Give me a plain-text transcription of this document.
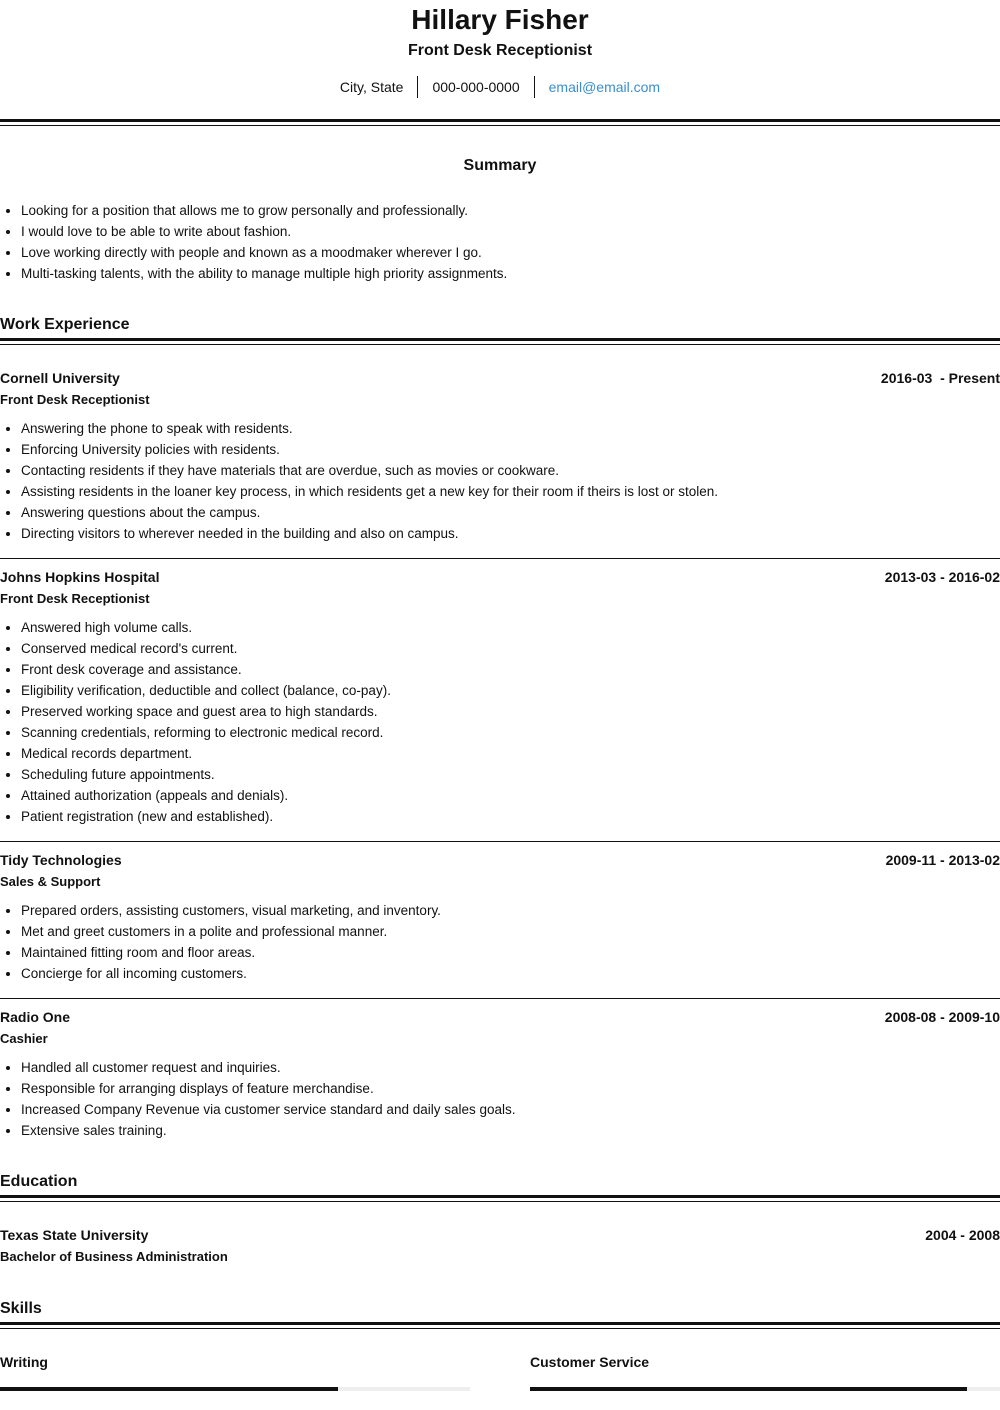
Hillary Fisher
Front Desk Receptionist
City, State	000-000-0000	email@email.com
Summary
• Looking for a position that allows me to grow personally and professionally.
• I would love to be able to write about fashion.
• Love working directly with people and known as a moodmaker wherever I go.
• Multi-tasking talents, with the ability to manage multiple high priority assignments.
Work Experience
Cornell University	2016-03  - Present
Front Desk Receptionist
• Answering the phone to speak with residents.
• Enforcing University policies with residents.
• Contacting residents if they have materials that are overdue, such as movies or cookware.
• Assisting residents in the loaner key process, in which residents get a new key for their room if theirs is lost or stolen.
• Answering questions about the campus.
• Directing visitors to wherever needed in the building and also on campus.
Johns Hopkins Hospital	2013-03 - 2016-02
Front Desk Receptionist
• Answered high volume calls.
• Conserved medical record's current.
• Front desk coverage and assistance.
• Eligibility verification, deductible and collect (balance, co-pay).
• Preserved working space and guest area to high standards.
• Scanning credentials, reforming to electronic medical record.
• Medical records department.
• Scheduling future appointments.
• Attained authorization (appeals and denials).
• Patient registration (new and established).
Tidy Technologies	2009-11 - 2013-02
Sales & Support
• Prepared orders, assisting customers, visual marketing, and inventory.
• Met and greet customers in a polite and professional manner.
• Maintained fitting room and floor areas.
• Concierge for all incoming customers.
Radio One	2008-08 - 2009-10
Cashier
• Handled all customer request and inquiries.
• Responsible for arranging displays of feature merchandise.
• Increased Company Revenue via customer service standard and daily sales goals.
• Extensive sales training.
Education
Texas State University	2004 - 2008
Bachelor of Business Administration
Skills
Writing	Customer Service
